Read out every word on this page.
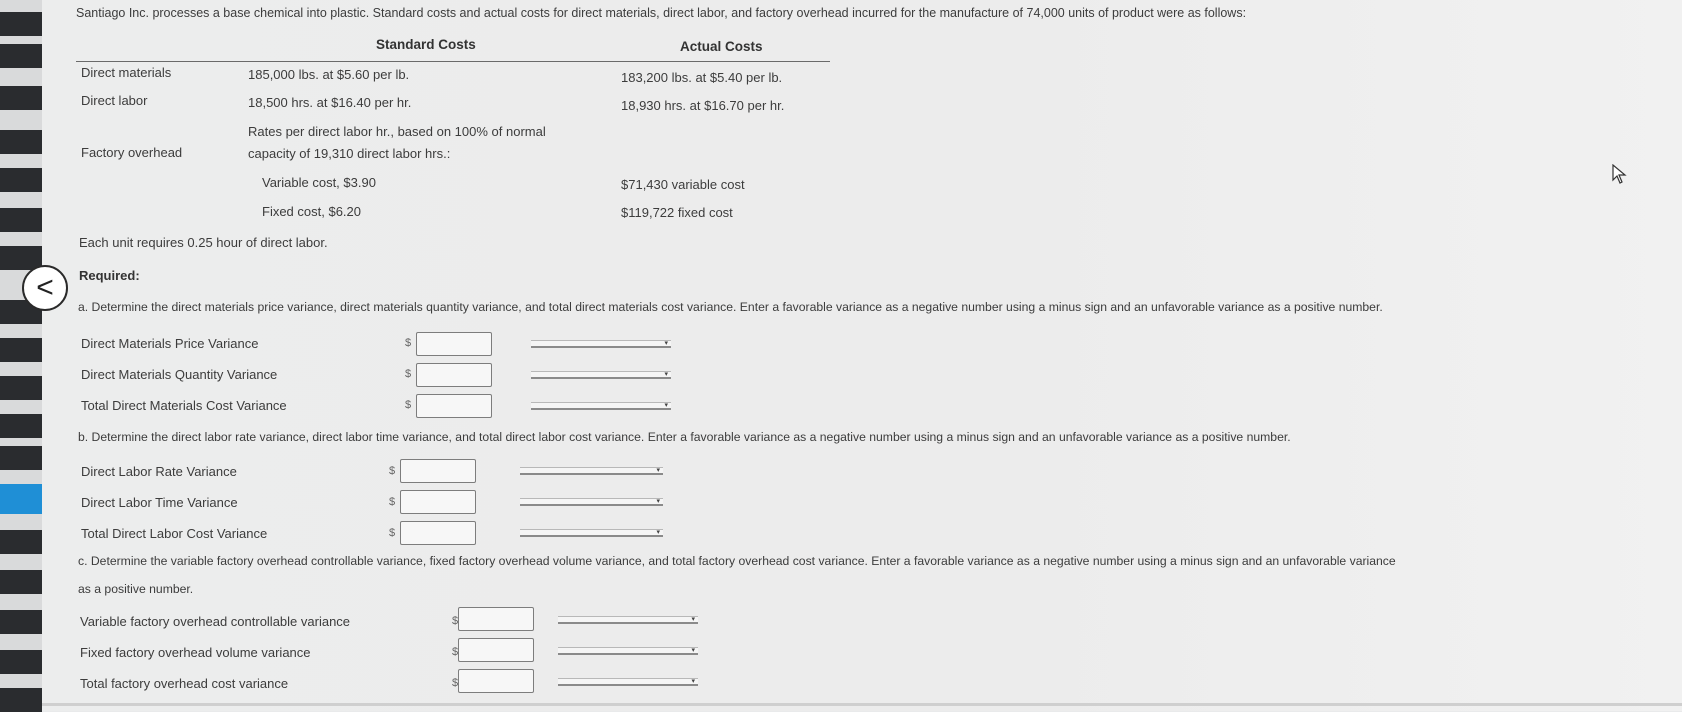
<
Santiago Inc. processes a base chemical into plastic. Standard costs and actual costs for direct materials, direct labor, and factory overhead incurred for the manufacture of 74,000 units of product were as follows:
Standard Costs	Actual Costs
Direct materials	185,000 lbs. at $5.60 per lb.	183,200 lbs. at $5.40 per lb.
Direct labor	18,500 hrs. at $16.40 per hr.	18,930 hrs. at $16.70 per hr.
Rates per direct labor hr., based on 100% of normal
Factory overhead	capacity of 19,310 direct labor hrs.:
Variable cost, $3.90	$71,430 variable cost
Fixed cost, $6.20	$119,722 fixed cost
Each unit requires 0.25 hour of direct labor.
Required:
a. Determine the direct materials price variance, direct materials quantity variance, and total direct materials cost variance. Enter a favorable variance as a negative number using a minus sign and an unfavorable variance as a positive number.
Direct Materials Price Variance	$	▾
Direct Materials Quantity Variance	$	▾
Total Direct Materials Cost Variance	$	▾
b. Determine the direct labor rate variance, direct labor time variance, and total direct labor cost variance. Enter a favorable variance as a negative number using a minus sign and an unfavorable variance as a positive number.
Direct Labor Rate Variance	$	▾
Direct Labor Time Variance	$	▾
Total Direct Labor Cost Variance	$	▾
c. Determine the variable factory overhead controllable variance, fixed factory overhead volume variance, and total factory overhead cost variance. Enter a favorable variance as a negative number using a minus sign and an unfavorable variance
as a positive number.
Variable factory overhead controllable variance	$	▾
Fixed factory overhead volume variance	$	▾
Total factory overhead cost variance	$	▾
